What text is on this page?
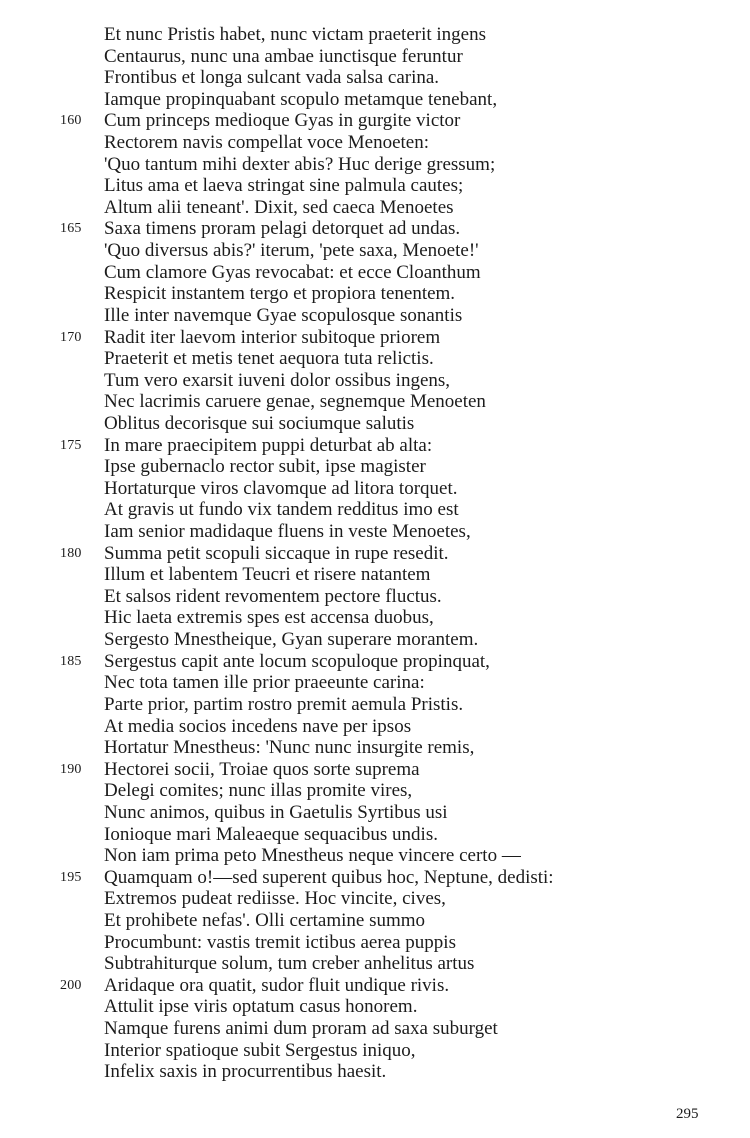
Et nunc Pristis habet, nunc victam praeterit ingens
Centaurus, nunc una ambae iunctisque feruntur
Frontibus et longa sulcant vada salsa carina.
Iamque propinquabant scopulo metamque tenebant,
160	Cum princeps medioque Gyas in gurgite victor
Rectorem navis compellat voce Menoeten:
'Quo tantum mihi dexter abis? Huc derige gressum;
Litus ama et laeva stringat sine palmula cautes;
Altum alii teneant'. Dixit, sed caeca Menoetes
165	Saxa timens proram pelagi detorquet ad undas.
'Quo diversus abis?' iterum, 'pete saxa, Menoete!'
Cum clamore Gyas revocabat: et ecce Cloanthum
Respicit instantem tergo et propiora tenentem.
Ille inter navemque Gyae scopulosque sonantis
170	Radit iter laevom interior subitoque priorem
Praeterit et metis tenet aequora tuta relictis.
Tum vero exarsit iuveni dolor ossibus ingens,
Nec lacrimis caruere genae, segnemque Menoeten
Oblitus decorisque sui sociumque salutis
175	In mare praecipitem puppi deturbat ab alta:
Ipse gubernaclo rector subit, ipse magister
Hortaturque viros clavomque ad litora torquet.
At gravis ut fundo vix tandem redditus imo est
Iam senior madidaque fluens in veste Menoetes,
180	Summa petit scopuli siccaque in rupe resedit.
Illum et labentem Teucri et risere natantem
Et salsos rident revomentem pectore fluctus.
Hic laeta extremis spes est accensa duobus,
Sergesto Mnestheique, Gyan superare morantem.
185	Sergestus capit ante locum scopuloque propinquat,
Nec tota tamen ille prior praeeunte carina:
Parte prior, partim rostro premit aemula Pristis.
At media socios incedens nave per ipsos
Hortatur Mnestheus: 'Nunc nunc insurgite remis,
190	Hectorei socii, Troiae quos sorte suprema
Delegi comites; nunc illas promite vires,
Nunc animos, quibus in Gaetulis Syrtibus usi
Ionioque mari Maleaeque sequacibus undis.
Non iam prima peto Mnestheus neque vincere certo —
195	Quamquam o!—sed superent quibus hoc, Neptune, dedisti:
Extremos pudeat rediisse. Hoc vincite, cives,
Et prohibete nefas'. Olli certamine summo
Procumbunt: vastis tremit ictibus aerea puppis
Subtrahiturque solum, tum creber anhelitus artus
200	Aridaque ora quatit, sudor fluit undique rivis.
Attulit ipse viris optatum casus honorem.
Namque furens animi dum proram ad saxa suburget
Interior spatioque subit Sergestus iniquo,
Infelix saxis in procurrentibus haesit.
295
